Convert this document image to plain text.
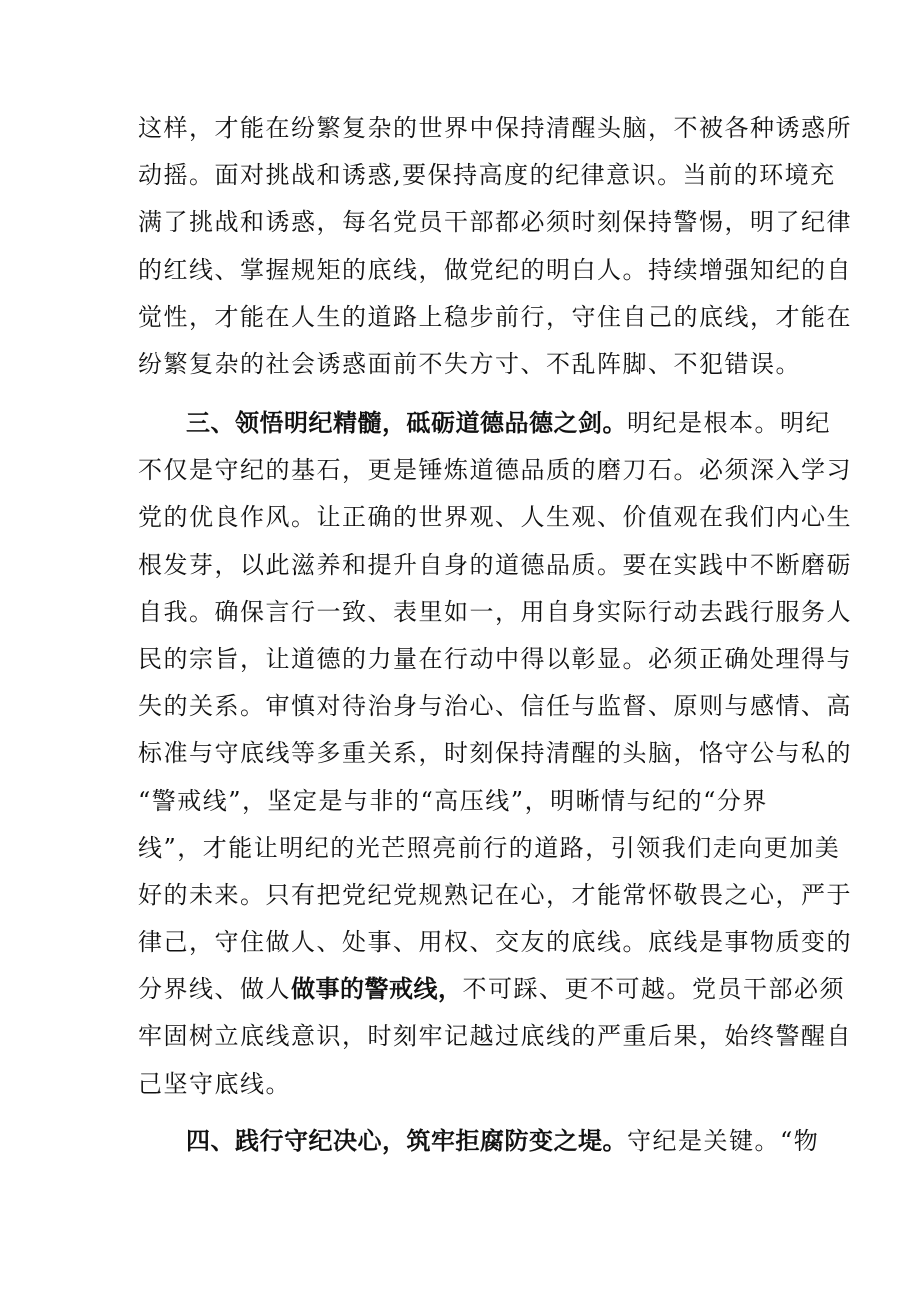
这样，才能在纷繁复杂的世界中保持清醒头脑，不被各种诱惑所
动摇。面对挑战和诱惑,要保持高度的纪律意识。当前的环境充
满了挑战和诱惑，每名党员干部都必须时刻保持警惕，明了纪律
的红线、掌握规矩的底线，做党纪的明白人。持续增强知纪的自
觉性，才能在人生的道路上稳步前行，守住自己的底线，才能在
纷繁复杂的社会诱惑面前不失方寸、不乱阵脚、不犯错误。
三、领悟明纪精髓，砥砺道德品德之剑。明纪是根本。明纪
不仅是守纪的基石，更是锤炼道德品质的磨刀石。必须深入学习
党的优良作风。让正确的世界观、人生观、价值观在我们内心生
根发芽，以此滋养和提升自身的道德品质。要在实践中不断磨砺
自我。确保言行一致、表里如一，用自身实际行动去践行服务人
民的宗旨，让道德的力量在行动中得以彰显。必须正确处理得与
失的关系。审慎对待治身与治心、信任与监督、原则与感情、高
标准与守底线等多重关系，时刻保持清醒的头脑，恪守公与私的
“警戒线”，坚定是与非的“高压线”，明晰情与纪的“分界
线”，才能让明纪的光芒照亮前行的道路，引领我们走向更加美
好的未来。只有把党纪党规熟记在心，才能常怀敬畏之心，严于
律己，守住做人、处事、用权、交友的底线。底线是事物质变的
分界线、做人做事的警戒线，不可踩、更不可越。党员干部必须
牢固树立底线意识，时刻牢记越过底线的严重后果，始终警醒自
己坚守底线。
四、践行守纪决心，筑牢拒腐防变之堤。守纪是关键。“物
